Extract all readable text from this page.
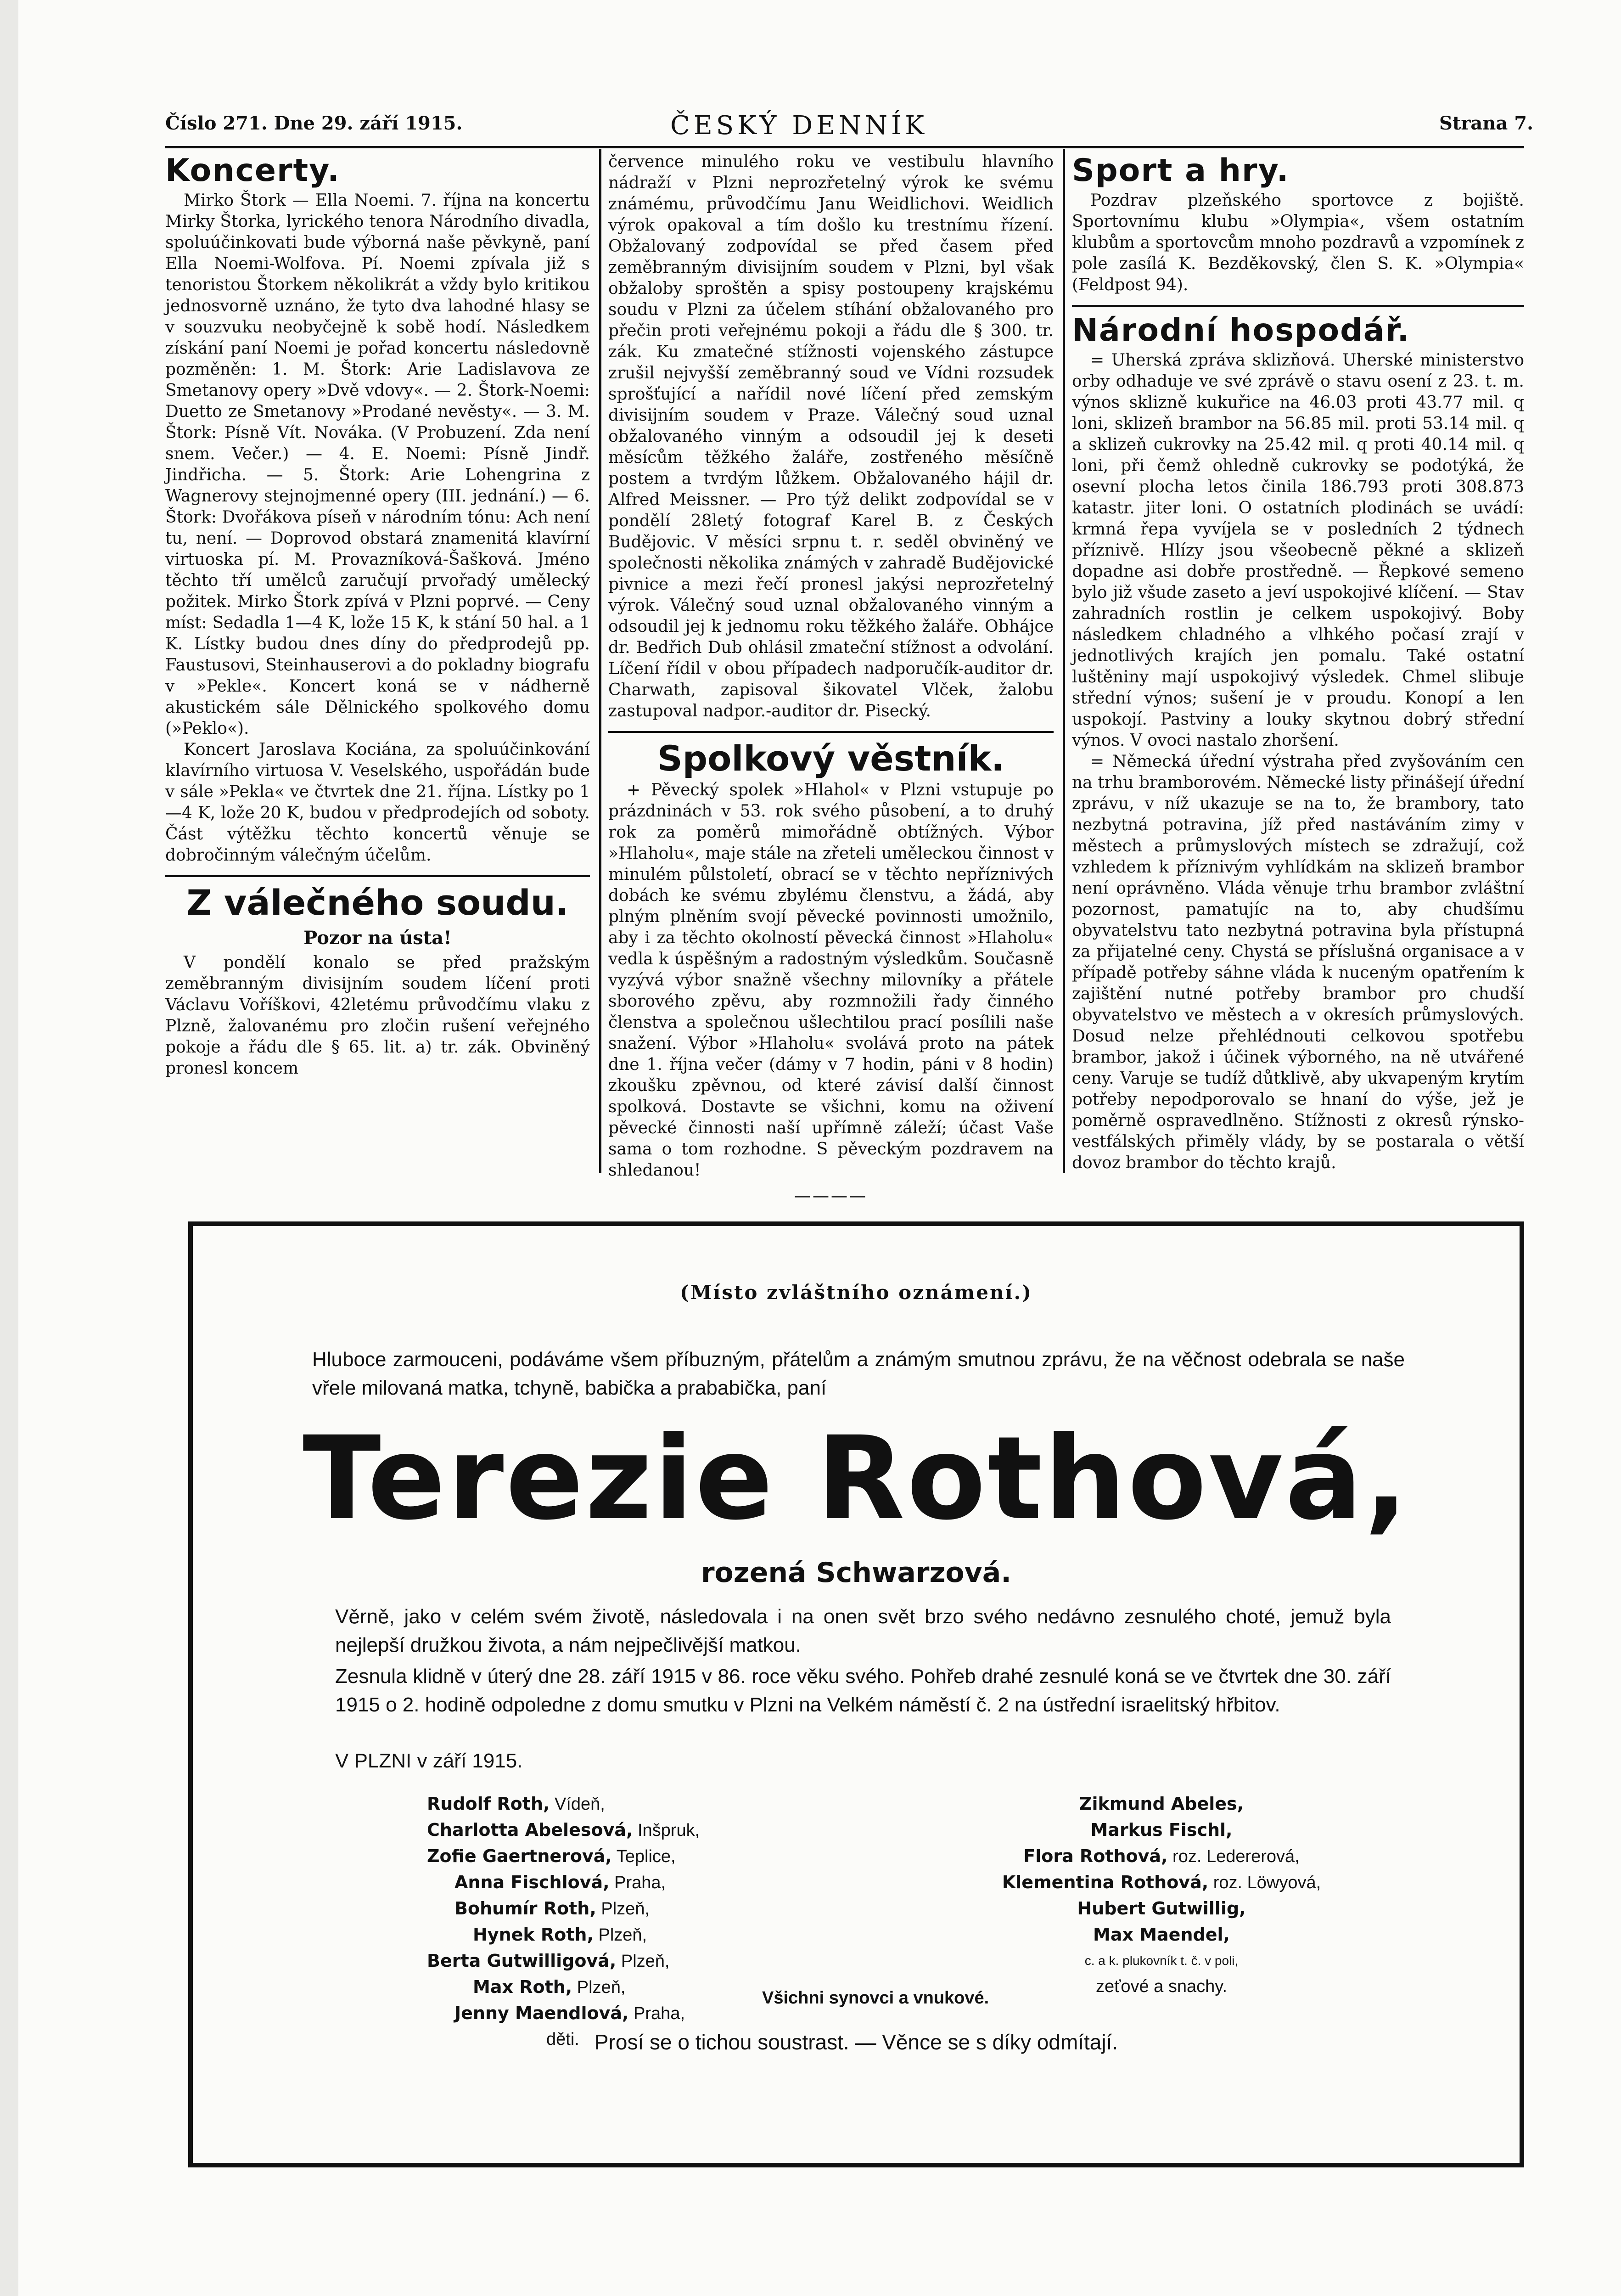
Číslo 271. Dne 29. září 1915.	ČESKÝ DENNÍK	Strana 7.
Koncerty.

Mirko Štork — Ella Noemi. 7. října na koncertu Mirky Štorka, lyrického tenora Národního divadla, spoluúčinkovati bude výborná naše pěvkyně, paní Ella Noemi-Wolfova. Pí. Noemi zpívala již s tenoristou Štorkem několikrát a vždy bylo kritikou jednosvorně uznáno, že tyto dva lahodné hlasy se v souzvuku neobyčejně k sobě hodí. Následkem získání paní Noemi je pořad koncertu následovně pozměněn: 1. M. Štork: Arie Ladislavova ze Smetanovy opery »Dvě vdovy«. — 2. Štork-Noemi: Duetto ze Smetanovy »Prodané nevěsty«. — 3. M. Štork: Písně Vít. Nováka. (V Probuzení. Zda není snem. Večer.) — 4. E. Noemi: Písně Jindř. Jindřicha. — 5. Štork: Arie Lohengrina z Wagnerovy stejnojmenné opery (III. jednání.) — 6. Štork: Dvořákova píseň v národním tónu: Ach není tu, není. — Doprovod obstará znamenitá klavírní virtuoska pí. M. Provazníková-Šašková. Jméno těchto tří umělců zaručují prvořadý umělecký požitek. Mirko Štork zpívá v Plzni poprvé. — Ceny míst: Sedadla 1—4 K, lože 15 K, k stání 50 hal. a 1 K. Lístky budou dnes díny do předprodejů pp. Faustusovi, Steinhauserovi a do pokladny biografu v »Pekle«. Koncert koná se v nádherně akustickém sále Dělnického spolkového domu (»Peklo«).

Koncert Jaroslava Kociána, za spoluúčinkování klavírního virtuosa V. Veselského, uspořádán bude v sále »Pekla« ve čtvrtek dne 21. října. Lístky po 1—4 K, lože 20 K, budou v předprodejích od soboty. Část výtěžku těchto koncertů věnuje se dobročinným válečným účelům.

Z válečného soudu.
Pozor na ústa!

V pondělí konalo se před pražským zeměbranným divisijním soudem líčení proti Václavu Voříškovi, 42letému průvodčímu vlaku z Plzně, žalovanému pro zločin rušení veřejného pokoje a řádu dle § 65. lit. a) tr. zák. Obviněný pronesl koncem

července minulého roku ve vestibulu hlavního nádraží v Plzni neprozřetelný výrok ke svému známému, průvodčímu Janu Weidlichovi. Weidlich výrok opakoval a tím došlo ku trestnímu řízení. Obžalovaný zodpovídal se před časem před zeměbranným divisijním soudem v Plzni, byl však obžaloby sproštěn a spisy postoupeny krajskému soudu v Plzni za účelem stíhání obžalovaného pro přečin proti veřejnému pokoji a řádu dle § 300. tr. zák. Ku zmatečné stížnosti vojenského zástupce zrušil nejvyšší zeměbranný soud ve Vídni rozsudek sprošťující a nařídil nové líčení před zemským divisijním soudem v Praze. Válečný soud uznal obžalovaného vinným a odsoudil jej k deseti měsícům těžkého žaláře, zostřeného měsíčně postem a tvrdým lůžkem. Obžalovaného hájil dr. Alfred Meissner. — Pro týž delikt zodpovídal se v pondělí 28letý fotograf Karel B. z Českých Budějovic. V měsíci srpnu t. r. seděl obviněný ve společnosti několika známých v zahradě Budějovické pivnice a mezi řečí pronesl jakýsi neprozřetelný výrok. Válečný soud uznal obžalovaného vinným a odsoudil jej k jednomu roku těžkého žaláře. Obhájce dr. Bedřich Dub ohlásil zmateční stížnost a odvolání. Líčení řídil v obou případech nadporučík-auditor dr. Charwath, zapisoval šikovatel Vlček, žalobu zastupoval nadpor.-auditor dr. Pisecký.

Spolkový věstník.

+ Pěvecký spolek »Hlahol« v Plzni vstupuje po prázdninách v 53. rok svého působení, a to druhý rok za poměrů mimořádně obtížných. Výbor »Hlaholu«, maje stále na zřeteli uměleckou činnost v minulém půlstoletí, obrací se v těchto nepříznivých dobách ke svému zbylému členstvu, a žádá, aby plným plněním svojí pěvecké povinnosti umožnilo, aby i za těchto okolností pěvecká činnost »Hlaholu« vedla k úspěšným a radostným výsledkům. Současně vyzývá výbor snažně všechny milovníky a přátele sborového zpěvu, aby rozmnožili řady činného členstva a společnou ušlechtilou prací posílili naše snažení. Výbor »Hlaholu« svolává proto na pátek dne 1. října večer (dámy v 7 hodin, páni v 8 hodin) zkoušku zpěvnou, od které závisí další činnost spolková. Dostavte se všichni, komu na oživení pěvecké činnosti naší upřímně záleží; účast Vaše sama o tom rozhodne. S pěveckým pozdravem na shledanou!

————
Sport a hry.

Pozdrav plzeňského sportovce z bojiště. Sportovnímu klubu »Olympia«, všem ostatním klubům a sportovcům mnoho pozdravů a vzpomínek z pole zasílá K. Bezděkovský, člen S. K. »Olympia« (Feldpost 94).

Národní hospodář.

= Uherská zpráva sklizňová. Uherské ministerstvo orby odhaduje ve své zprávě o stavu osení z 23. t. m. výnos sklizně kukuřice na 46.03 proti 43.77 mil. q loni, sklizeň brambor na 56.85 mil. proti 53.14 mil. q a sklizeň cukrovky na 25.42 mil. q proti 40.14 mil. q loni, při čemž ohledně cukrovky se podotýká, že osevní plocha letos činila 186.793 proti 308.873 katastr. jiter loni. O ostatních plodinách se uvádí: krmná řepa vyvíjela se v posledních 2 týdnech příznivě. Hlízy jsou všeobecně pěkné a sklizeň dopadne asi dobře prostředně. — Řepkové semeno bylo již všude zaseto a jeví uspokojivé klíčení. — Stav zahradních rostlin je celkem uspokojivý. Boby následkem chladného a vlhkého počasí zrají v jednotlivých krajích jen pomalu. Také ostatní luštěniny mají uspokojivý výsledek. Chmel slibuje střední výnos; sušení je v proudu. Konopí a len uspokojí. Pastviny a louky skytnou dobrý střední výnos. V ovoci nastalo zhoršení.

= Německá úřední výstraha před zvyšováním cen na trhu bramborovém. Německé listy přinášejí úřední zprávu, v níž ukazuje se na to, že brambory, tato nezbytná potravina, jíž před nastáváním zimy v městech a průmyslových místech se zdražují, což vzhledem k příznivým vyhlídkám na sklizeň brambor není oprávněno. Vláda věnuje trhu brambor zvláštní pozornost, pamatujíc na to, aby chudšímu obyvatelstvu tato nezbytná potravina byla přístupná za přijatelné ceny. Chystá se příslušná organisace a v případě potřeby sáhne vláda k nuceným opatřením k zajištění nutné potřeby brambor pro chudší obyvatelstvo ve městech a v okresích průmyslových. Dosud nelze přehlédnouti celkovou spotřebu brambor, jakož i účinek výborného, na ně utvářené ceny. Varuje se tudíž důtklivě, aby ukvapeným krytím potřeby nepodporovalo se hnaní do výše, jež je poměrně ospravedlněno. Stížnosti z okresů rýnsko-vestfálských přiměly vlády, by se postarala o větší dovoz brambor do těchto krajů.

(Místo zvláštního oznámení.)
Hluboce zarmouceni, podáváme všem příbuzným, přátelům a známým smutnou zprávu, že na věčnost odebrala se naše vřele milovaná matka, tchyně, babička a prababička, paní
Terezie Rothová,
rozená Schwarzová.
Věrně, jako v celém svém životě, následovala i na onen svět brzo svého nedávno zesnulého choté, jemuž byla nejlepší družkou života, a nám nejpečlivější matkou.
Zesnula klidně v úterý dne 28. září 1915 v 86. roce věku svého. Pohřeb drahé zesnulé koná se ve čtvrtek dne 30. září 1915 o 2. hodině odpoledne z domu smutku v Plzni na Velkém náměstí č. 2 na ústřední israelitský hřbitov.
V PLZNI v září 1915.
Rudolf Roth, Vídeň,
Charlotta Abelesová, Inšpruk,
Zofie Gaertnerová, Teplice,
Anna Fischlová, Praha,
Bohumír Roth, Plzeň,
Hynek Roth, Plzeň,
Berta Gutwilligová, Plzeň,
Max Roth, Plzeň,
Jenny Maendlová, Praha,
děti.
Zikmund Abeles,
Markus Fischl,
Flora Rothová, roz. Ledererová,
Klementina Rothová, roz. Löwyová,
Hubert Gutwillig,
Max Maendel,
c. a k. plukovník t. č. v poli,
zeťové a snachy.
Všichni synovci a vnukové.
Prosí se o tichou soustrast. — Věnce se s díky odmítají.
